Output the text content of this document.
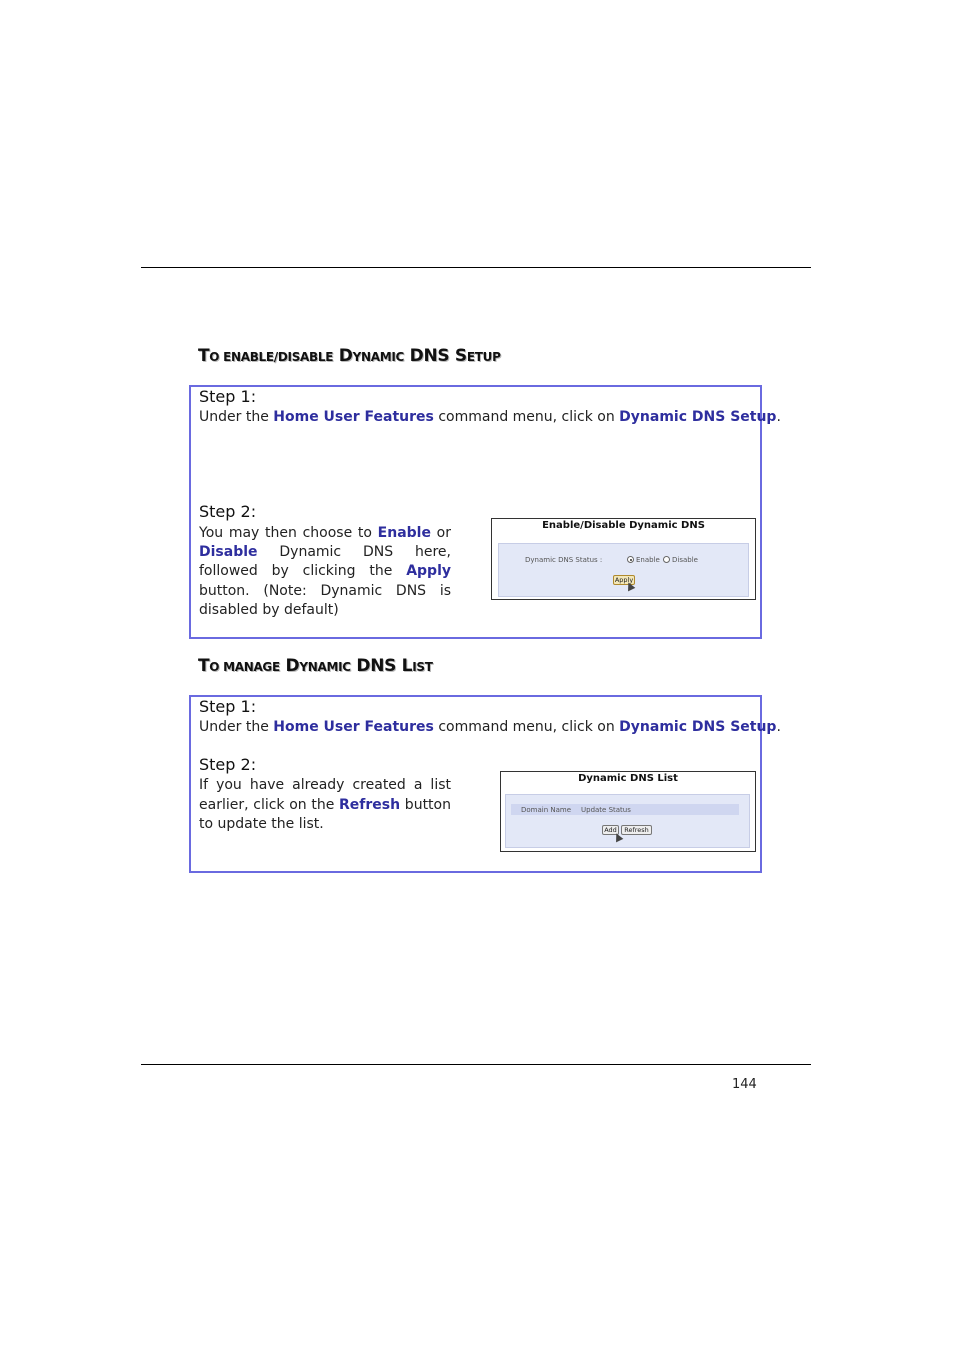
TO ENABLE/DISABLE DYNAMIC DNS SETUP
Step 1:
Under the Home User Features command menu, click on Dynamic DNS Setup.
Step 2:
You may then choose to Enable or Disable Dynamic DNS here, followed by clicking the Apply button. (Note: Dynamic DNS is disabled by default)
Enable/Disable Dynamic DNS
Dynamic DNS Status :	Enable Disable
Apply
TO MANAGE DYNAMIC DNS LIST
Step 1:
Under the Home User Features command menu, click on Dynamic DNS Setup.
Step 2:
If you have already created a list earlier, click on the Refresh button to update the list.
Dynamic DNS List
Domain Name Update Status
Add	Refresh
144
